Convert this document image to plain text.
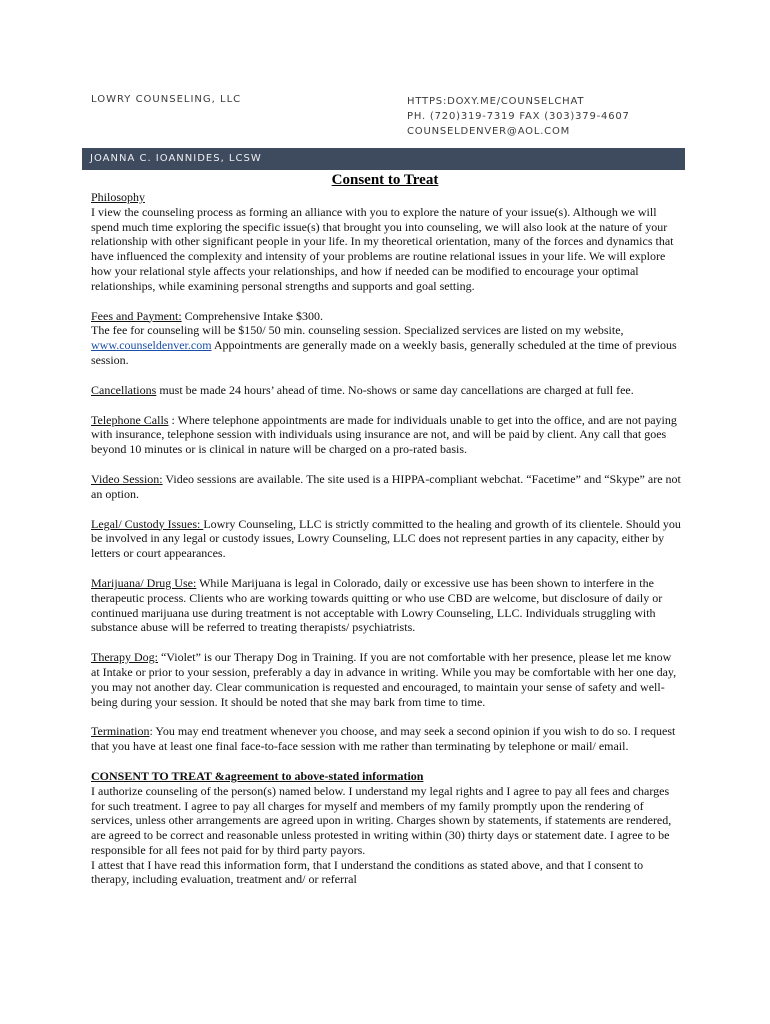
LOWRY COUNSELING, LLC	HTTPS:DOXY.ME/COUNSELCHAT
PH. (720)319-7319 FAX (303)379-4607
COUNSELDENVER@AOL.COM
JOANNA C. IOANNIDES, LCSW
Consent to Treat

Philosophy

I view the counseling process as forming an alliance with you to explore the nature of your issue(s). Although we will spend much time exploring the specific issue(s) that brought you into counseling, we will also look at the nature of your relationship with other significant people in your life. In my theoretical orientation, many of the forces and dynamics that have influenced the complexity and intensity of your problems are routine relational issues in your life. We will explore how your relational style affects your relationships, and how if needed can be modified to encourage your optimal relationships, while examining personal strengths and supports and goal setting.

Fees and Payment: Comprehensive Intake $300.

The fee for counseling will be $150/ 50 min. counseling session. Specialized services are listed on my website, www.counseldenver.com Appointments are generally made on a weekly basis, generally scheduled at the time of previous session.

Cancellations must be made 24 hours’ ahead of time. No-shows or same day cancellations are charged at full fee.

Telephone Calls : Where telephone appointments are made for individuals unable to get into the office, and are not paying with insurance, telephone session with individuals using insurance are not, and will be paid by client. Any call that goes beyond 10 minutes or is clinical in nature will be charged on a pro-rated basis.

Video Session: Video sessions are available. The site used is a HIPPA-compliant webchat. “Facetime” and “Skype” are not an option.

Legal/ Custody Issues: Lowry Counseling, LLC is strictly committed to the healing and growth of its clientele. Should you be involved in any legal or custody issues, Lowry Counseling, LLC does not represent parties in any capacity, either by letters or court appearances.

Marijuana/ Drug Use: While Marijuana is legal in Colorado, daily or excessive use has been shown to interfere in the therapeutic process. Clients who are working towards quitting or who use CBD are welcome, but disclosure of daily or continued marijuana use during treatment is not acceptable with Lowry Counseling, LLC. Individuals struggling with substance abuse will be referred to treating therapists/ psychiatrists.

Therapy Dog: “Violet” is our Therapy Dog in Training. If you are not comfortable with her presence, please let me know at Intake or prior to your session, preferably a day in advance in writing. While you may be comfortable with her one day, you may not another day. Clear communication is requested and encouraged, to maintain your sense of safety and well-being during your session. It should be noted that she may bark from time to time.

Termination: You may end treatment whenever you choose, and may seek a second opinion if you wish to do so. I request that you have at least one final face-to-face session with me rather than terminating by telephone or mail/ email.

CONSENT TO TREAT &agreement to above-stated information

I authorize counseling of the person(s) named below. I understand my legal rights and I agree to pay all fees and charges for such treatment. I agree to pay all charges for myself and members of my family promptly upon the rendering of services, unless other arrangements are agreed upon in writing. Charges shown by statements, if statements are rendered, are agreed to be correct and reasonable unless protested in writing within (30) thirty days or statement date. I agree to be responsible for all fees not paid for by third party payors.

I attest that I have read this information form, that I understand the conditions as stated above, and that I consent to therapy, including evaluation, treatment and/ or referral
